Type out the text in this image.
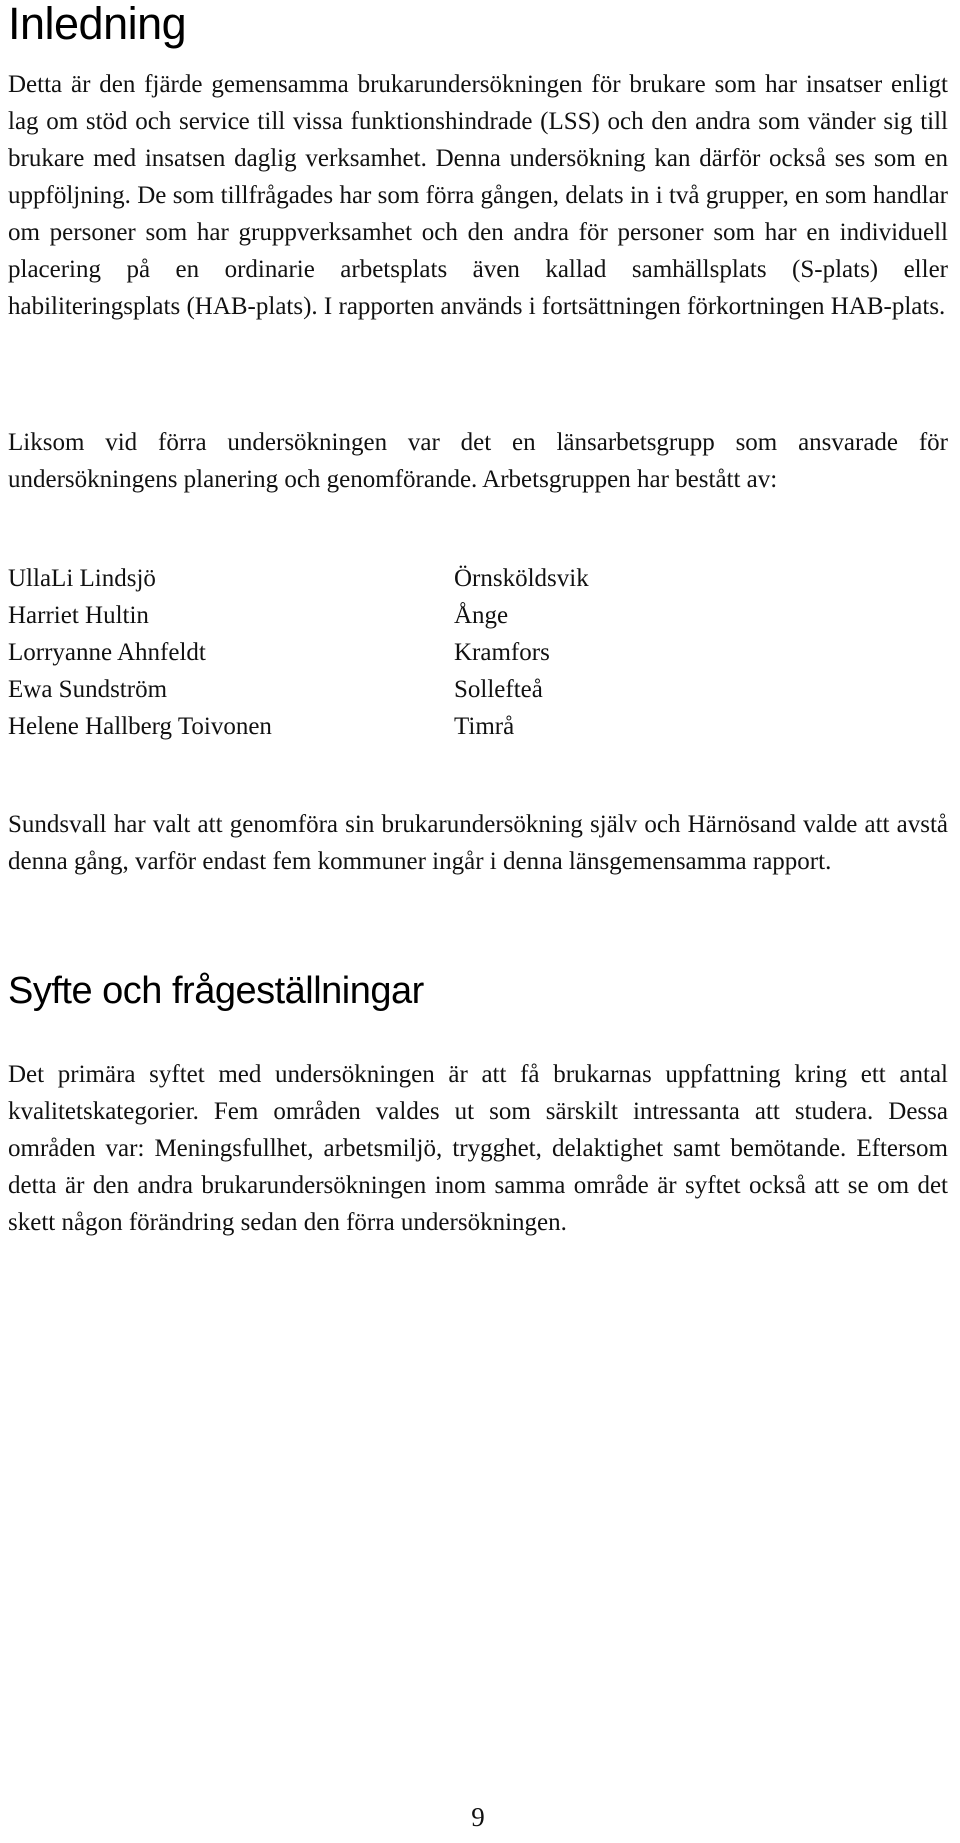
Inledning

Detta är den fjärde gemensamma brukarundersökningen för brukare som har insatser enligt lag om stöd och service till vissa funktionshindrade (LSS) och den andra som vänder sig till brukare med insatsen daglig verksamhet. Denna undersökning kan därför också ses som en uppföljning. De som tillfrågades har som förra gången, delats in i två grupper, en som handlar om personer som har gruppverksamhet och den andra för personer som har en individuell placering på en ordinarie arbetsplats även kallad samhällsplats (S-plats) eller habiliteringsplats (HAB-plats). I rapporten används i fortsättningen förkortningen HAB-plats.

Liksom vid förra undersökningen var det en länsarbetsgrupp som ansvarade för undersökningens planering och genomförande. Arbetsgruppen har bestått av:

UllaLi Lindsjö	Örnsköldsvik
Harriet Hultin	Ånge
Lorryanne Ahnfeldt	Kramfors
Ewa Sundström	Sollefteå
Helene Hallberg Toivonen	Timrå

Sundsvall har valt att genomföra sin brukarundersökning själv och Härnösand valde att avstå denna gång, varför endast fem kommuner ingår i denna länsgemensamma rapport.

Syfte och frågeställningar

Det primära syftet med undersökningen är att få brukarnas uppfattning kring ett antal kvalitetskategorier. Fem områden valdes ut som särskilt intressanta att studera. Dessa områden var: Meningsfullhet, arbetsmiljö, trygghet, delaktighet samt bemötande. Eftersom detta är den andra brukarundersökningen inom samma område är syftet också att se om det skett någon förändring sedan den förra undersökningen.

9
